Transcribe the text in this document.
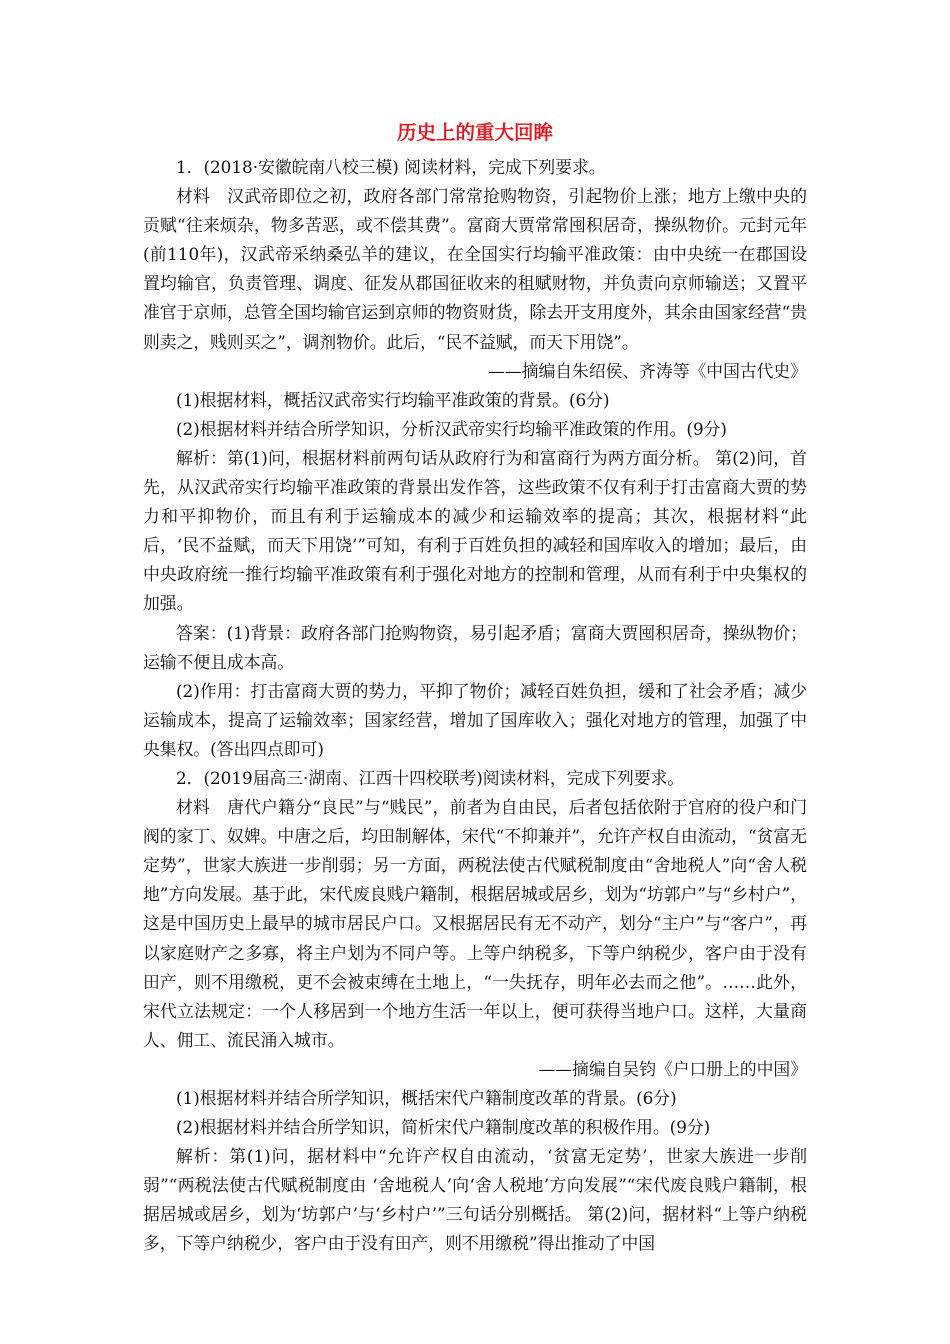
历史上的重大回眸

1．(2018·安徽皖南八校三模) 阅读材料，完成下列要求。

材料　汉武帝即位之初，政府各部门常常抢购物资，引起物价上涨；地方上缴中央的贡赋“往来烦杂，物多苦恶，或不偿其费”。富商大贾常常囤积居奇，操纵物价。元封元年(前110年)，汉武帝采纳桑弘羊的建议，在全国实行均输平准政策：由中央统一在郡国设置均输官，负责管理、调度、征发从郡国征收来的租赋财物，并负责向京师输送；又置平准官于京师，总管全国均输官运到京师的物资财货，除去开支用度外，其余由国家经营“贵则卖之，贱则买之”，调剂物价。此后，“民不益赋，而天下用饶”。

——摘编自朱绍侯、齐涛等《中国古代史》

(1)根据材料，概括汉武帝实行均输平准政策的背景。(6分)

(2)根据材料并结合所学知识，分析汉武帝实行均输平准政策的作用。(9分)

解析：第(1)问，根据材料前两句话从政府行为和富商行为两方面分析。 第(2)问，首先，从汉武帝实行均输平准政策的背景出发作答，这些政策不仅有利于打击富商大贾的势力和平抑物价，而且有利于运输成本的减少和运输效率的提高；其次，根据材料“此后，‘民不益赋，而天下用饶’”可知，有利于百姓负担的减轻和国库收入的增加；最后，由中央政府统一推行均输平准政策有利于强化对地方的控制和管理，从而有利于中央集权的加强。

答案：(1)背景：政府各部门抢购物资，易引起矛盾；富商大贾囤积居奇，操纵物价；运输不便且成本高。

(2)作用：打击富商大贾的势力，平抑了物价；减轻百姓负担，缓和了社会矛盾；减少运输成本，提高了运输效率；国家经营，增加了国库收入；强化对地方的管理，加强了中央集权。(答出四点即可)

2．(2019届高三·湖南、江西十四校联考)阅读材料，完成下列要求。

材料　唐代户籍分“良民”与“贱民”，前者为自由民，后者包括依附于官府的役户和门阀的家丁、奴婢。中唐之后，均田制解体，宋代“不抑兼并”，允许产权自由流动，“贫富无定势”，世家大族进一步削弱；另一方面，两税法使古代赋税制度由“舍地税人”向“舍人税地”方向发展。基于此，宋代废良贱户籍制，根据居城或居乡，划为“坊郭户”与“乡村户”，这是中国历史上最早的城市居民户口。又根据居民有无不动产，划分“主户”与“客户”，再以家庭财产之多寡，将主户划为不同户等。上等户纳税多，下等户纳税少，客户由于没有田产，则不用缴税，更不会被束缚在土地上，“一失抚存，明年必去而之他”。……此外，宋代立法规定：一个人移居到一个地方生活一年以上，便可获得当地户口。这样，大量商人、佣工、流民涌入城市。

——摘编自吴钧《户口册上的中国》

(1)根据材料并结合所学知识，概括宋代户籍制度改革的背景。(6分)

(2)根据材料并结合所学知识，简析宋代户籍制度改革的积极作用。(9分)

解析：第(1)问，据材料中“允许产权自由流动，‘贫富无定势’，世家大族进一步削弱”“两税法使古代赋税制度由 ‘舍地税人’向‘舍人税地’方向发展”“宋代废良贱户籍制，根据居城或居乡，划为‘坊郭户’与‘乡村户’”三句话分别概括。 第(2)问，据材料“上等户纳税多，下等户纳税少，客户由于没有田产，则不用缴税”得出推动了中国
